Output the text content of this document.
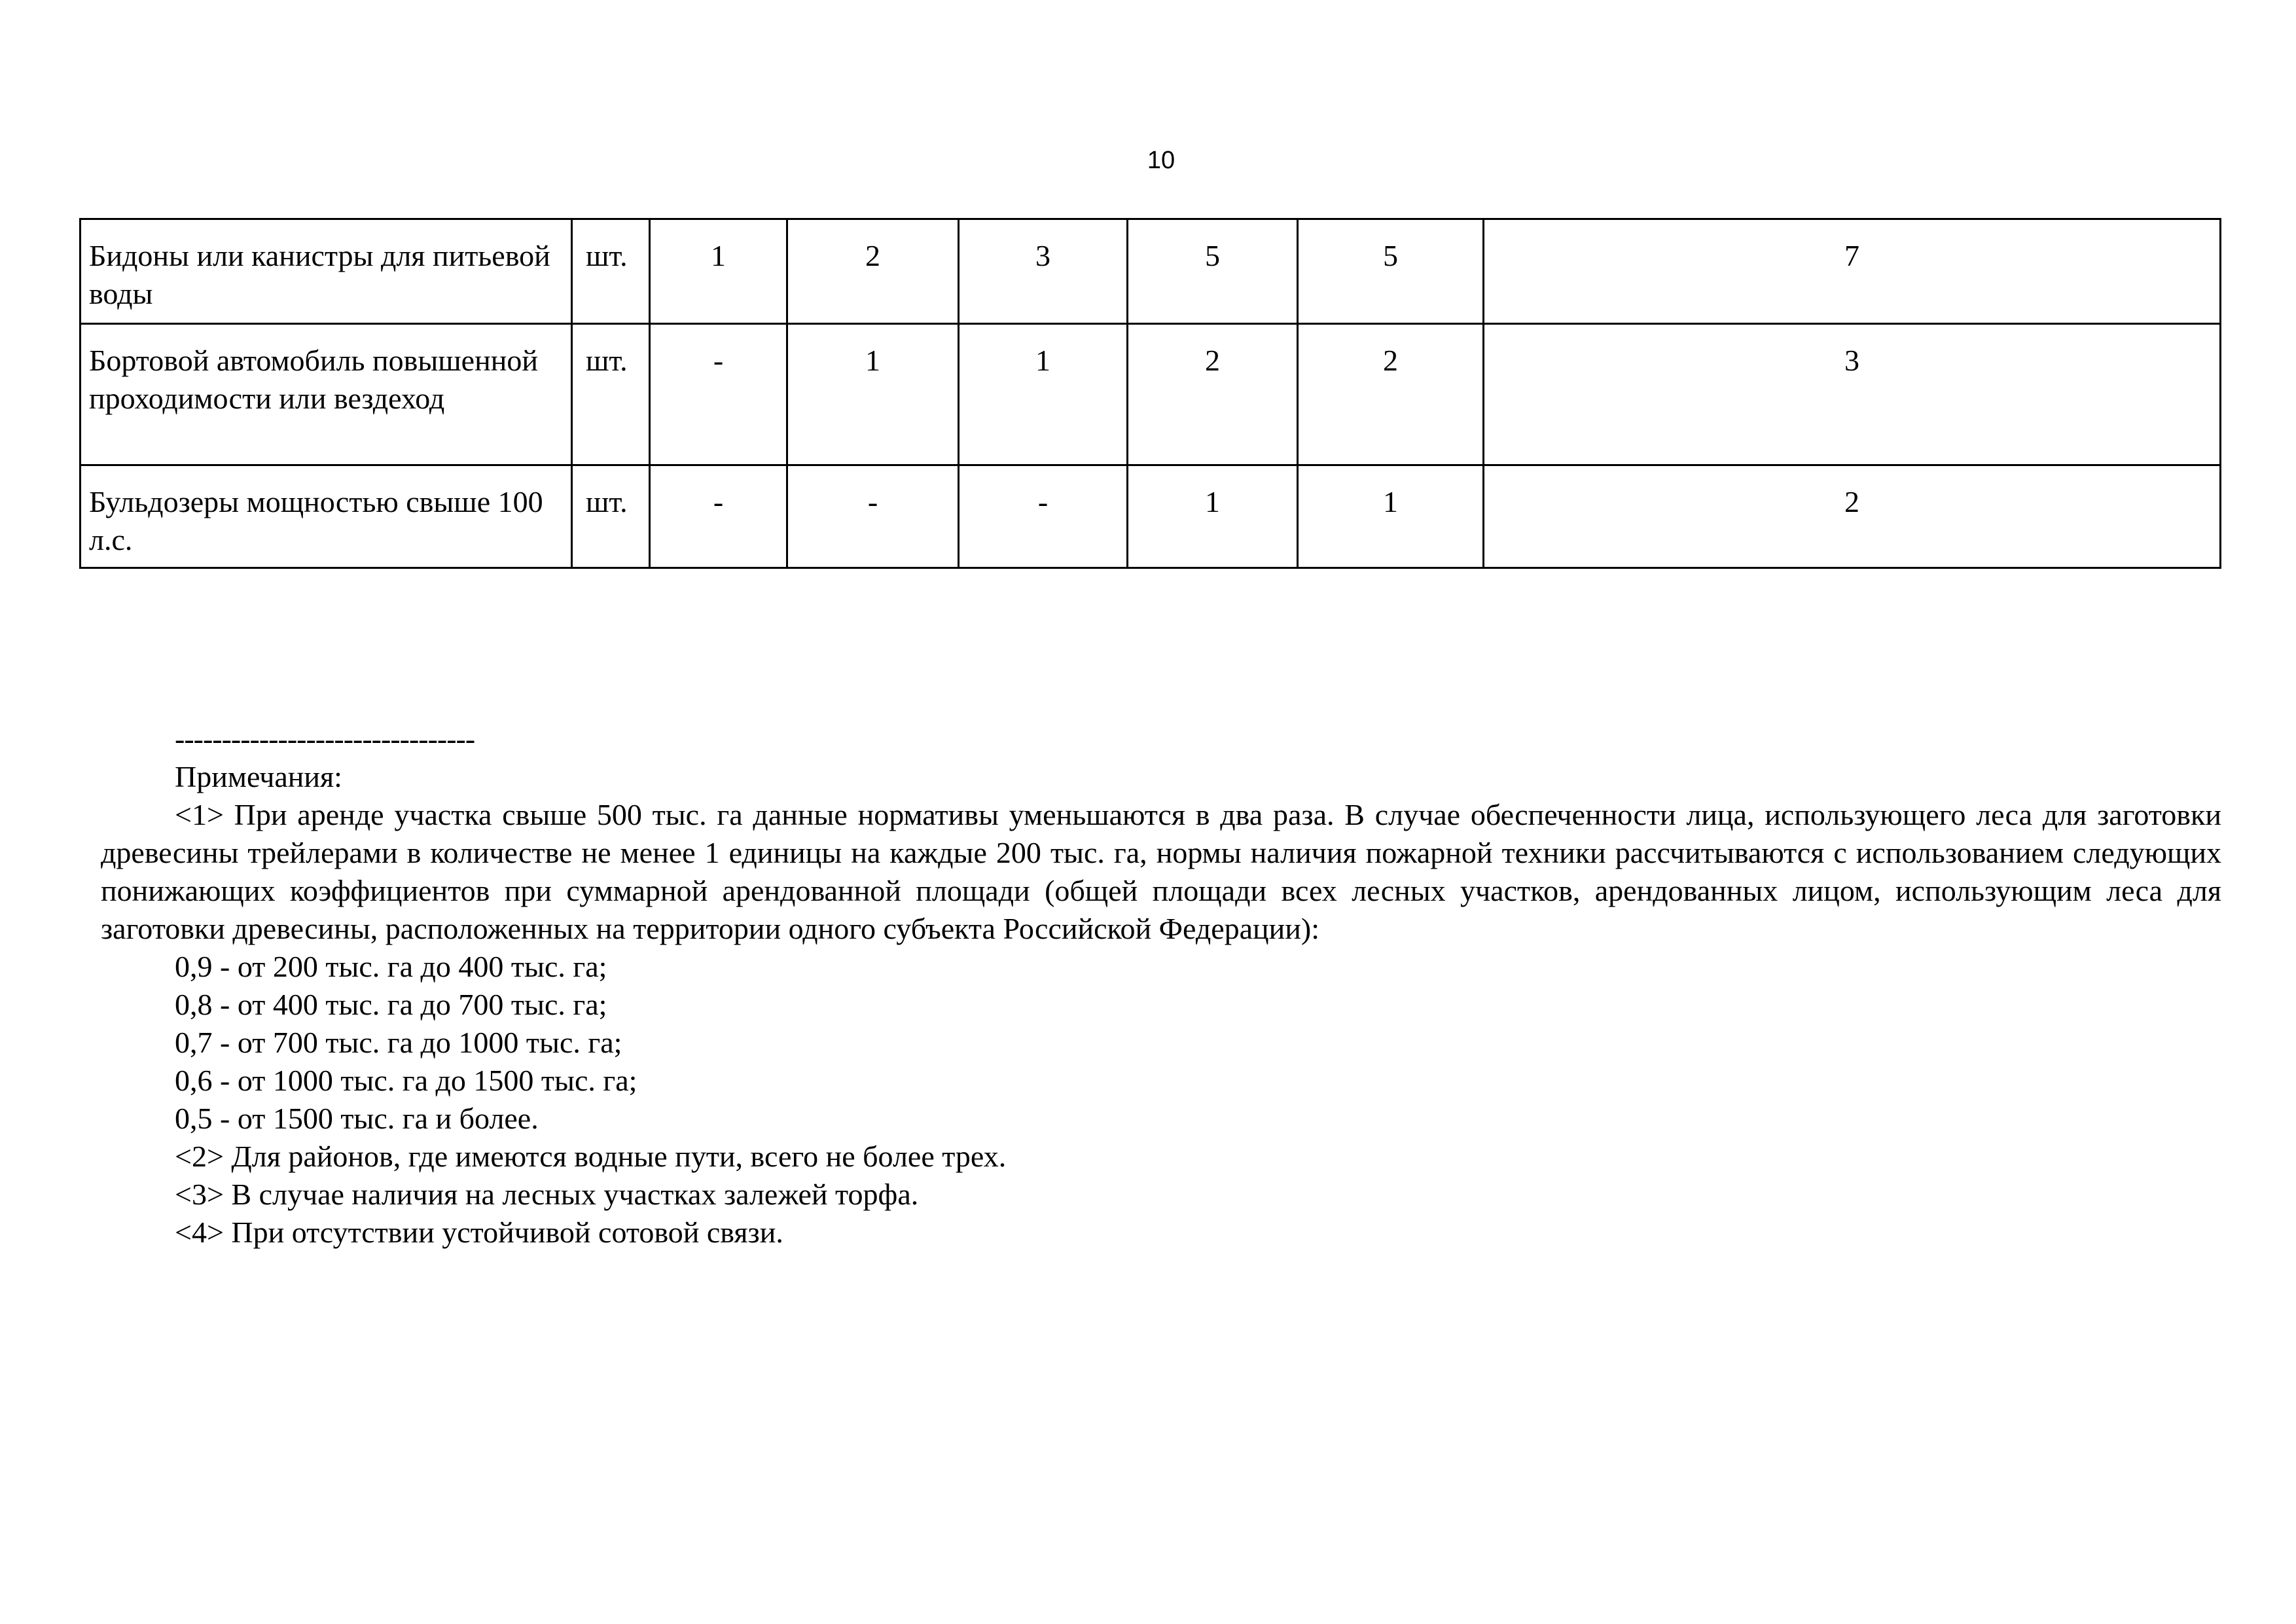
10
Бидоны или канистры для питьевой воды	шт.	1	2	3	5	5	7
Бортовой автомобиль повышенной проходимости или вездеход	шт.	-	1	1	2	2	3
Бульдозеры мощностью свыше 100 л.с.	шт.	-	-	-	1	1	2
--------------------------------
Примечания:
<1> При аренде участка свыше 500 тыс. га данные нормативы уменьшаются в два раза. В случае обеспеченности лица, использующего леса для заготовки древесины трейлерами в количестве не менее 1 единицы на каждые 200 тыс. га, нормы наличия пожарной техники рассчитываются с использованием следующих понижающих коэффициентов при суммарной арендованной площади (общей площади всех лесных участков, арендованных лицом, использующим леса для заготовки древесины, расположенных на территории одного субъекта Российской Федерации):
0,9 - от 200 тыс. га до 400 тыс. га;
0,8 - от 400 тыс. га до 700 тыс. га;
0,7 - от 700 тыс. га до 1000 тыс. га;
0,6 - от 1000 тыс. га до 1500 тыс. га;
0,5 - от 1500 тыс. га и более.
<2> Для районов, где имеются водные пути, всего не более трех.
<3> В случае наличия на лесных участках залежей торфа.
<4> При отсутствии устойчивой сотовой связи.
